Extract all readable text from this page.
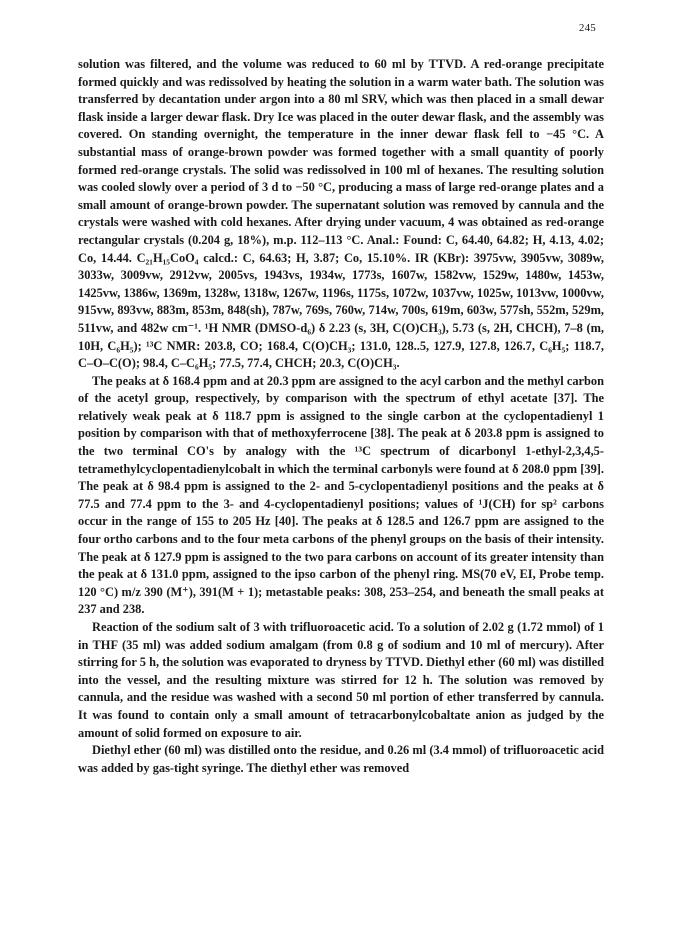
245

solution was filtered, and the volume was reduced to 60 ml by TTVD. A red-orange precipitate formed quickly and was redissolved by heating the solution in a warm water bath. The solution was transferred by decantation under argon into a 80 ml SRV, which was then placed in a small dewar flask inside a larger dewar flask. Dry Ice was placed in the outer dewar flask, and the assembly was covered. On standing overnight, the temperature in the inner dewar flask fell to −45 °C. A substantial mass of orange-brown powder was formed together with a small quantity of poorly formed red-orange crystals. The solid was redissolved in 100 ml of hexanes. The resulting solution was cooled slowly over a period of 3 d to −50 °C, producing a mass of large red-orange plates and a small amount of orange-brown powder. The supernatant solution was removed by cannula and the crystals were washed with cold hexanes. After drying under vacuum, 4 was obtained as red-orange rectangular crystals (0.204 g, 18%), m.p. 112–113 °C. Anal.: Found: C, 64.40, 64.82; H, 4.13, 4.02; Co, 14.44. C₂₁H₁₅CoO₄ calcd.: C, 64.63; H, 3.87; Co, 15.10%. IR (KBr): 3975vw, 3905vw, 3089w, 3033w, 3009vw, 2912vw, 2005vs, 1943vs, 1934w, 1773s, 1607w, 1582vw, 1529w, 1480w, 1453w, 1425vw, 1386w, 1369m, 1328w, 1318w, 1267w, 1196s, 1175s, 1072w, 1037vw, 1025w, 1013vw, 1000vw, 915vw, 893vw, 883m, 853m, 848(sh), 787w, 769s, 760w, 714w, 700s, 619m, 603w, 577sh, 552m, 529m, 511vw, and 482w cm⁻¹. ¹H NMR (DMSO-d₆) δ 2.23 (s, 3H, C(O)CH₃), 5.73 (s, 2H, CHCH), 7–8 (m, 10H, C₆H₅); ¹³C NMR: 203.8, CO; 168.4, C(O)CH₃; 131.0, 128..5, 127.9, 127.8, 126.7, C₆H₅; 118.7, C–O–C(O); 98.4, C–C₆H₅; 77.5, 77.4, CHCH; 20.3, C(O)CH₃.

The peaks at δ 168.4 ppm and at 20.3 ppm are assigned to the acyl carbon and the methyl carbon of the acetyl group, respectively, by comparison with the spectrum of ethyl acetate [37]. The relatively weak peak at δ 118.7 ppm is assigned to the single carbon at the cyclopentadienyl 1 position by comparison with that of methoxyferrocene [38]. The peak at δ 203.8 ppm is assigned to the two terminal CO's by analogy with the ¹³C spectrum of dicarbonyl 1-ethyl-2,3,4,5-tetramethylcyclopentadienylcobalt in which the terminal carbonyls were found at δ 208.0 ppm [39]. The peak at δ 98.4 ppm is assigned to the 2- and 5-cyclopentadienyl positions and the peaks at δ 77.5 and 77.4 ppm to the 3- and 4-cyclopentadienyl positions; values of ¹J(CH) for sp² carbons occur in the range of 155 to 205 Hz [40]. The peaks at δ 128.5 and 126.7 ppm are assigned to the four ortho carbons and to the four meta carbons of the phenyl groups on the basis of their intensity. The peak at δ 127.9 ppm is assigned to the two para carbons on account of its greater intensity than the peak at δ 131.0 ppm, assigned to the ipso carbon of the phenyl ring. MS(70 eV, EI, Probe temp. 120 °C) m/z 390 (M⁺), 391(M + 1); metastable peaks: 308, 253–254, and beneath the small peaks at 237 and 238.

Reaction of the sodium salt of 3 with trifluoroacetic acid. To a solution of 2.02 g (1.72 mmol) of 1 in THF (35 ml) was added sodium amalgam (from 0.8 g of sodium and 10 ml of mercury). After stirring for 5 h, the solution was evaporated to dryness by TTVD. Diethyl ether (60 ml) was distilled into the vessel, and the resulting mixture was stirred for 12 h. The solution was removed by cannula, and the residue was washed with a second 50 ml portion of ether transferred by cannula. It was found to contain only a small amount of tetracarbonylcobaltate anion as judged by the amount of solid formed on exposure to air.

Diethyl ether (60 ml) was distilled onto the residue, and 0.26 ml (3.4 mmol) of trifluoroacetic acid was added by gas-tight syringe. The diethyl ether was removed
